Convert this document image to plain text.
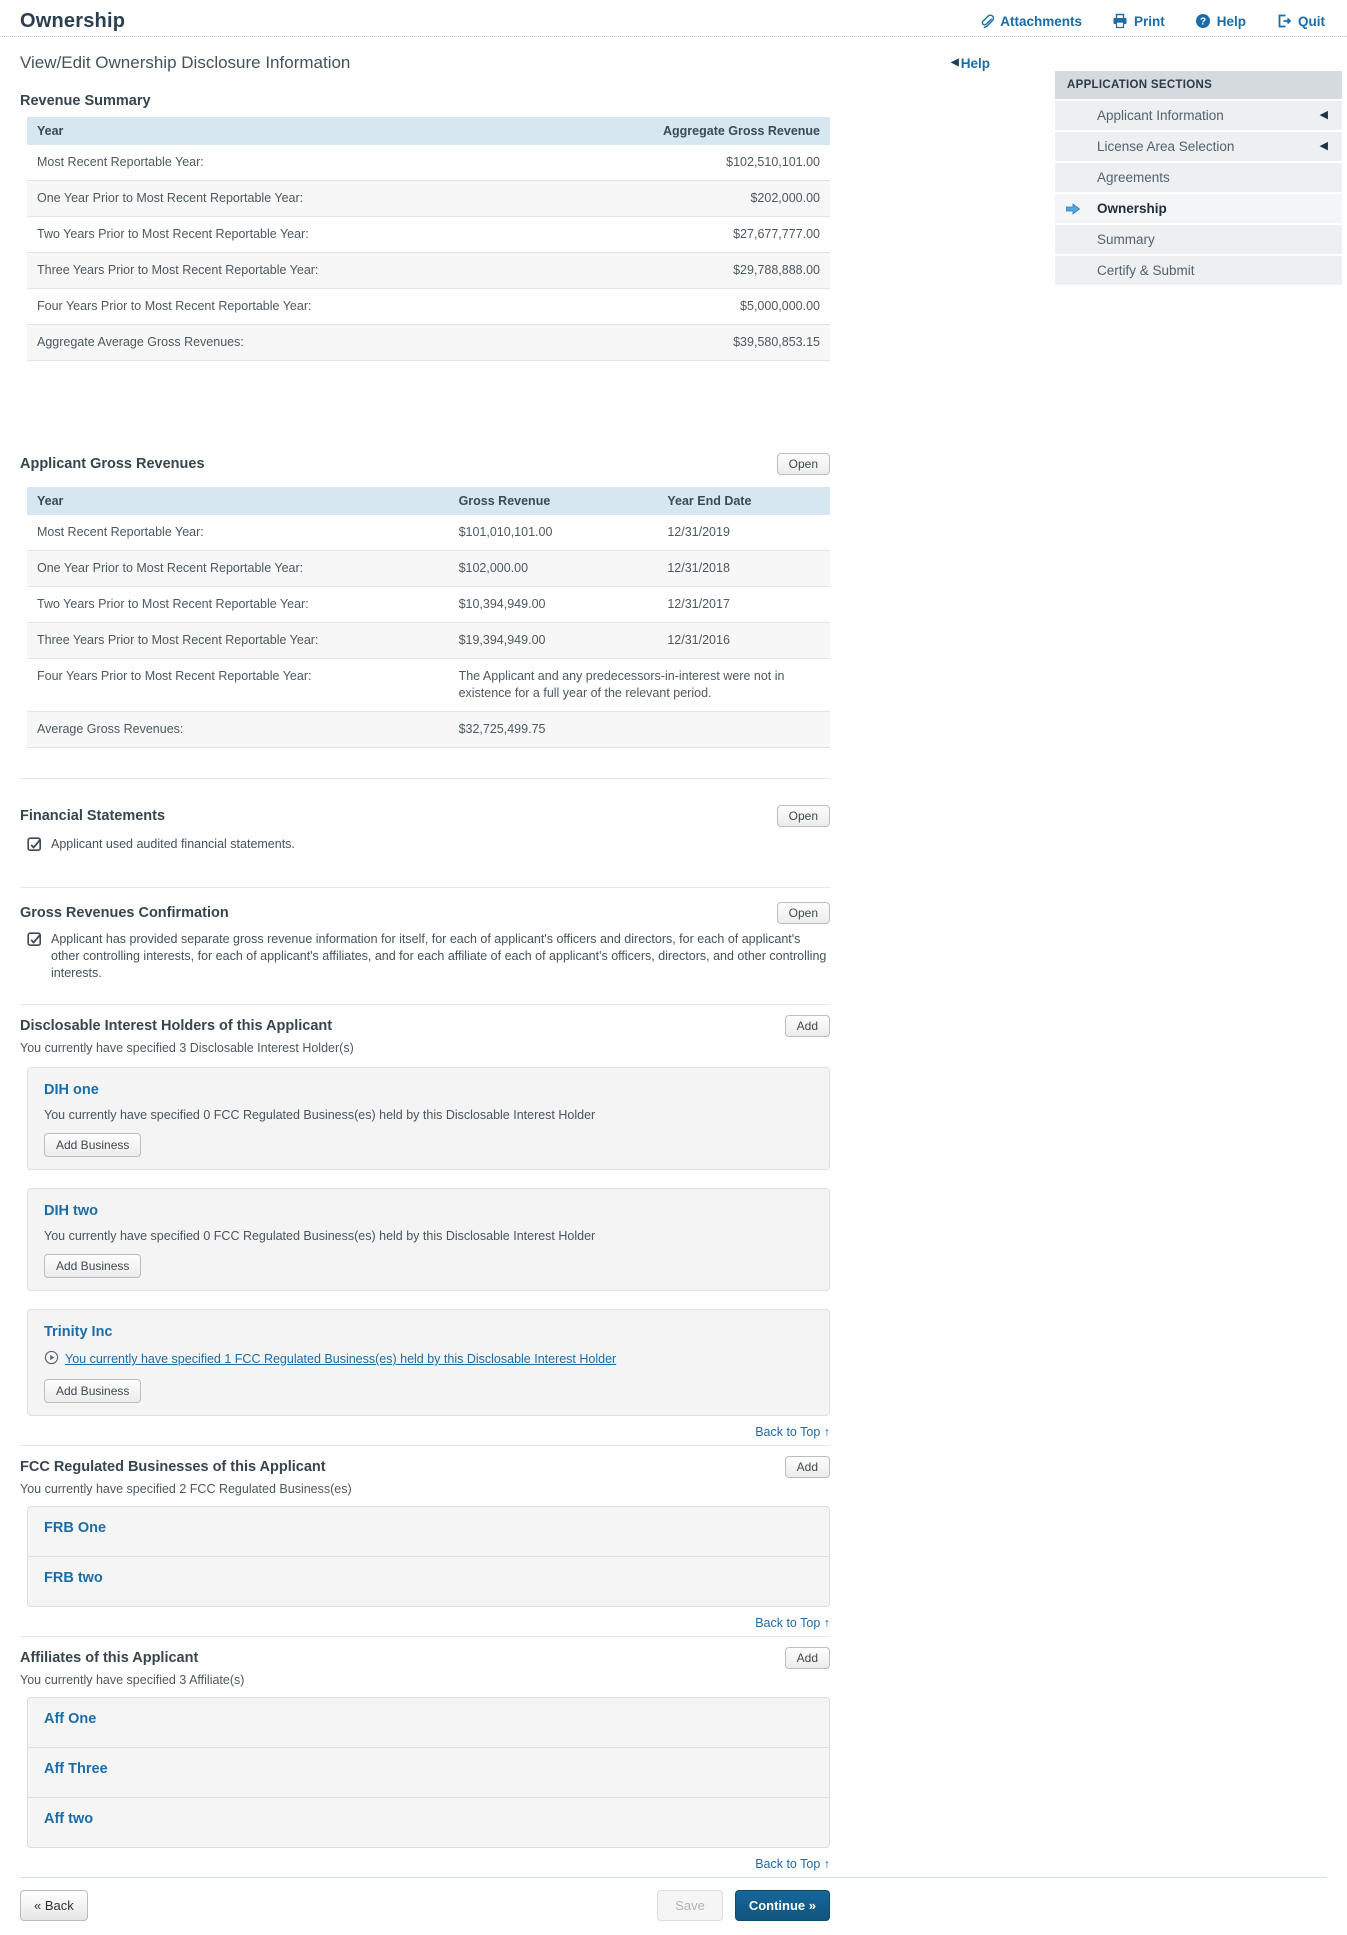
Ownership	Attachments	Print	? Help	Quit
APPLICATION SECTIONS
Applicant Information	◀
License Area Selection	◀
Agreements
Ownership
Summary
Certify & Submit
View/Edit Ownership Disclosure Information	◀ Help
Revenue Summary
Year	Aggregate Gross Revenue
Most Recent Reportable Year:	$102,510,101.00
One Year Prior to Most Recent Reportable Year:	$202,000.00
Two Years Prior to Most Recent Reportable Year:	$27,677,777.00
Three Years Prior to Most Recent Reportable Year:	$29,788,888.00
Four Years Prior to Most Recent Reportable Year:	$5,000,000.00
Aggregate Average Gross Revenues:	$39,580,853.15
Applicant Gross Revenues	Open
Year	Gross Revenue	Year End Date
Most Recent Reportable Year:	$101,010,101.00	12/31/2019
One Year Prior to Most Recent Reportable Year:	$102,000.00	12/31/2018
Two Years Prior to Most Recent Reportable Year:	$10,394,949.00	12/31/2017
Three Years Prior to Most Recent Reportable Year:	$19,394,949.00	12/31/2016
Four Years Prior to Most Recent Reportable Year:	The Applicant and any predecessors-in-interest were not in existence for a full year of the relevant period.	
Average Gross Revenues:	$32,725,499.75	
Financial Statements	Open
Applicant used audited financial statements.
Gross Revenues Confirmation	Open
Applicant has provided separate gross revenue information for itself, for each of applicant's officers and directors, for each of applicant's other controlling interests, for each of applicant's affiliates, and for each affiliate of each of applicant's officers, directors, and other controlling interests.
Disclosable Interest Holders of this Applicant	Add
You currently have specified 3 Disclosable Interest Holder(s)
DIH one
You currently have specified 0 FCC Regulated Business(es) held by this Disclosable Interest Holder
Add Business
DIH two
You currently have specified 0 FCC Regulated Business(es) held by this Disclosable Interest Holder
Add Business
Trinity Inc
You currently have specified 1 FCC Regulated Business(es) held by this Disclosable Interest Holder
Add Business
Back to Top ↑
FCC Regulated Businesses of this Applicant	Add
You currently have specified 2 FCC Regulated Business(es)
FRB One
FRB two
Back to Top ↑
Affiliates of this Applicant	Add
You currently have specified 3 Affiliate(s)
Aff One
Aff Three
Aff two
Back to Top ↑
« Back	Save	Continue »
